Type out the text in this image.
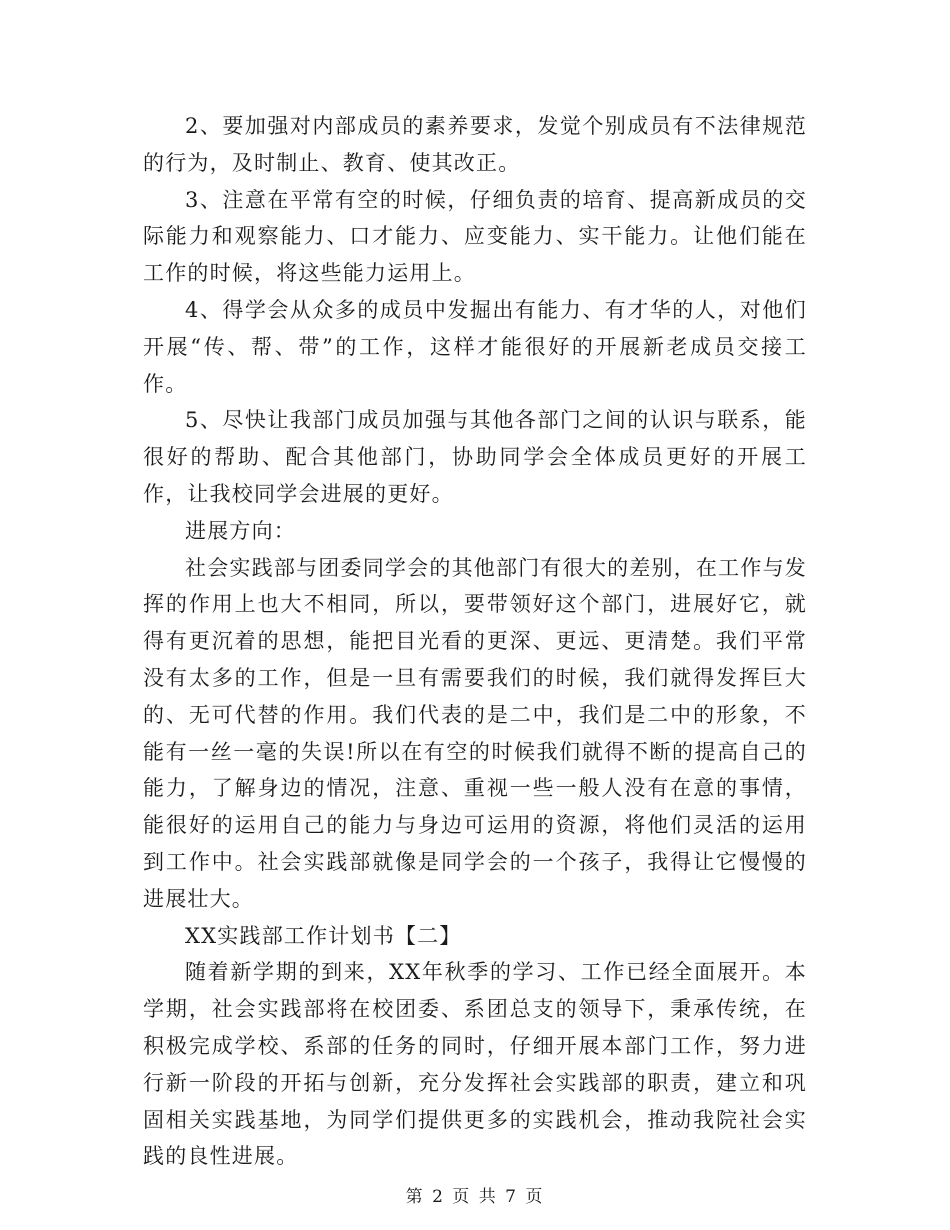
2、要加强对内部成员的素养要求，发觉个别成员有不法律规范的行为，及时制止、教育、使其改正。

3、注意在平常有空的时候，仔细负责的培育、提高新成员的交际能力和观察能力、口才能力、应变能力、实干能力。让他们能在工作的时候，将这些能力运用上。

4、得学会从众多的成员中发掘出有能力、有才华的人，对他们开展“传、帮、带”的工作，这样才能很好的开展新老成员交接工作。

5、尽快让我部门成员加强与其他各部门之间的认识与联系，能很好的帮助、配合其他部门，协助同学会全体成员更好的开展工作，让我校同学会进展的更好。

进展方向：

社会实践部与团委同学会的其他部门有很大的差别，在工作与发挥的作用上也大不相同，所以，要带领好这个部门，进展好它，就得有更沉着的思想，能把目光看的更深、更远、更清楚。我们平常没有太多的工作，但是一旦有需要我们的时候，我们就得发挥巨大的、无可代替的作用。我们代表的是二中，我们是二中的形象，不能有一丝一毫的失误!所以在有空的时候我们就得不断的提高自己的能力，了解身边的情况，注意、重视一些一般人没有在意的事情，能很好的运用自己的能力与身边可运用的资源，将他们灵活的运用到工作中。社会实践部就像是同学会的一个孩子，我得让它慢慢的进展壮大。

XX实践部工作计划书【二】

随着新学期的到来，XX年秋季的学习、工作已经全面展开。本学期，社会实践部将在校团委、系团总支的领导下，秉承传统，在积极完成学校、系部的任务的同时，仔细开展本部门工作，努力进行新一阶段的开拓与创新，充分发挥社会实践部的职责，建立和巩固相关实践基地，为同学们提供更多的实践机会，推动我院社会实践的良性进展。

第 2 页 共 7 页
